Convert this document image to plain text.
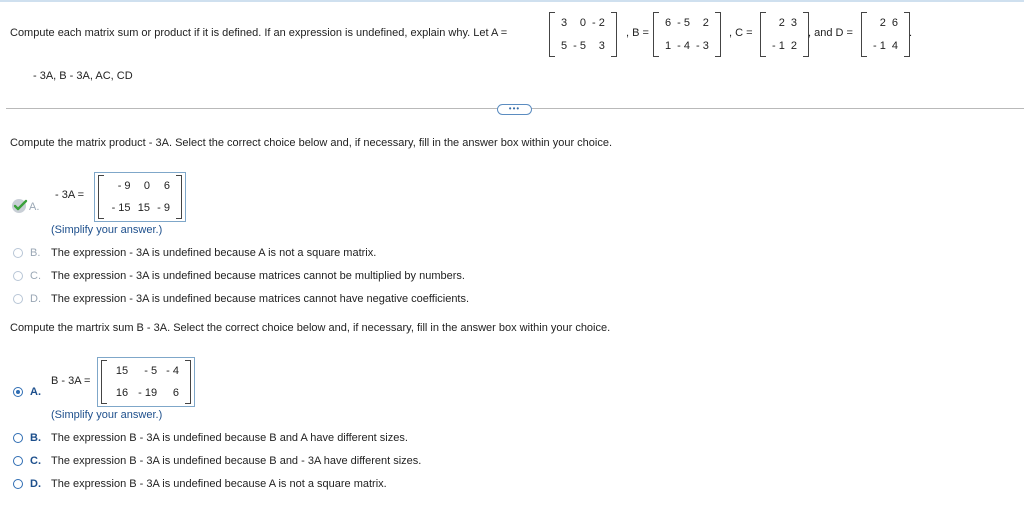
Compute each matrix sum or product if it is defined. If an expression is undefined, explain why. Let A =
3	0	- 2
5	- 5	3
, B =
6	- 5	2
1	- 4	- 3
, C =
2	3
- 1	2
, and D =
2	6
- 1	4
.
- 3A, B - 3A, AC, CD
•••
Compute the matrix product - 3A. Select the correct choice below and, if necessary, fill in the answer box within your choice.
A.
- 3A =
- 9	0	6
- 15	15	- 9
(Simplify your answer.)
B. The expression - 3A is undefined because A is not a square matrix.
C. The expression - 3A is undefined because matrices cannot be multiplied by numbers.
D. The expression - 3A is undefined because matrices cannot have negative coefficients.
Compute the martrix sum B - 3A. Select the correct choice below and, if necessary, fill in the answer box within your choice.
A.
B - 3A =
15	- 5	- 4
16	- 19	6
(Simplify your answer.)
B. The expression B - 3A is undefined because B and A have different sizes.
C. The expression B - 3A is undefined because B and - 3A have different sizes.
D. The expression B - 3A is undefined because A is not a square matrix.
